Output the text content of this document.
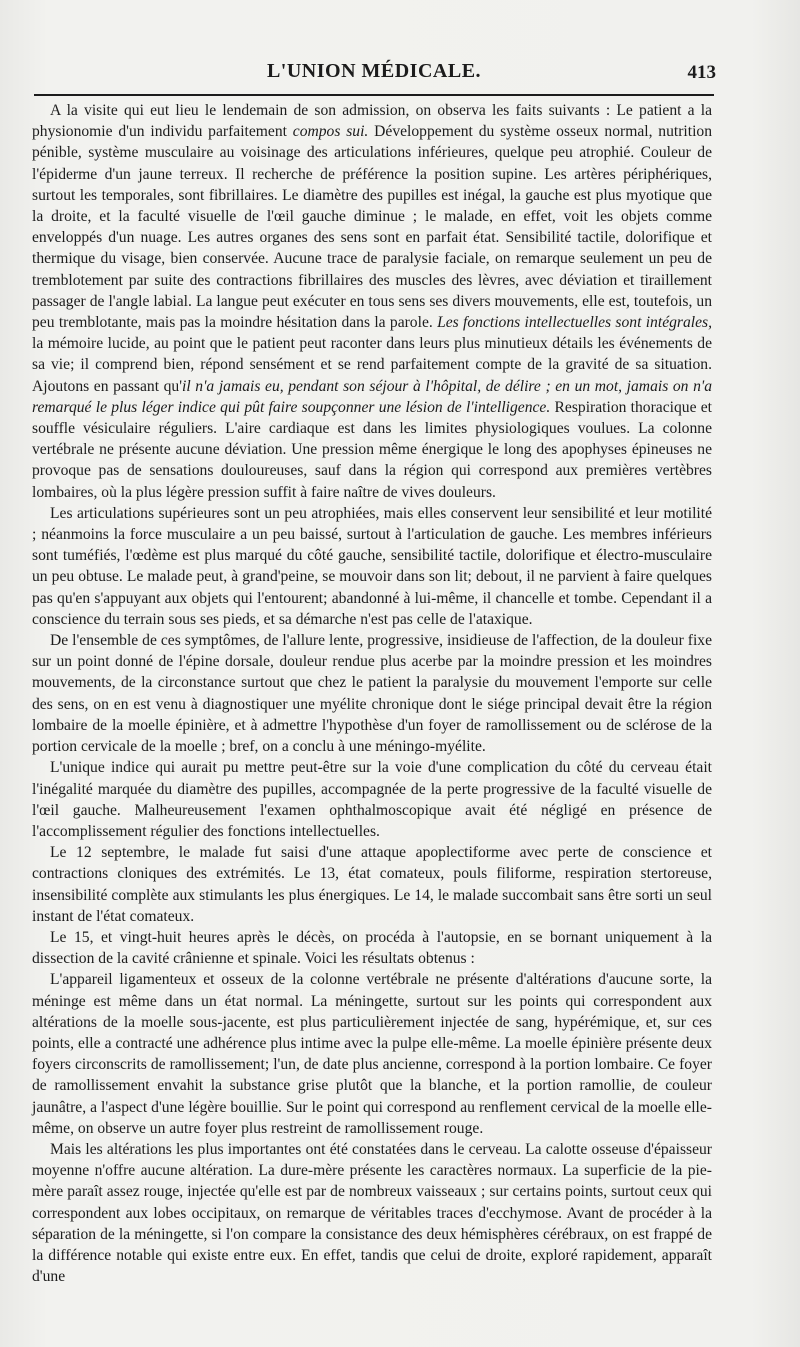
L'UNION MÉDICALE.	413

A la visite qui eut lieu le lendemain de son admission, on observa les faits suivants : Le patient a la physionomie d'un individu parfaitement compos sui. Développement du système osseux normal, nutrition pénible, système musculaire au voisinage des articulations inférieures, quelque peu atrophié. Couleur de l'épiderme d'un jaune terreux. Il recherche de préférence la position supine. Les artères périphériques, surtout les temporales, sont fibrillaires. Le diamètre des pupilles est inégal, la gauche est plus myotique que la droite, et la faculté visuelle de l'œil gauche diminue ; le malade, en effet, voit les objets comme enveloppés d'un nuage. Les autres organes des sens sont en parfait état. Sensibilité tactile, dolorifique et thermique du visage, bien conservée. Aucune trace de paralysie faciale, on remarque seulement un peu de tremblotement par suite des contractions fibrillaires des muscles des lèvres, avec déviation et tiraillement passager de l'angle labial. La langue peut exécuter en tous sens ses divers mouvements, elle est, toutefois, un peu tremblotante, mais pas la moindre hésitation dans la parole. Les fonctions intellectuelles sont intégrales, la mémoire lucide, au point que le patient peut raconter dans leurs plus minutieux détails les événements de sa vie; il comprend bien, répond sensément et se rend parfaitement compte de la gravité de sa situation. Ajoutons en passant qu'il n'a jamais eu, pendant son séjour à l'hôpital, de délire ; en un mot, jamais on n'a remarqué le plus léger indice qui pût faire soupçonner une lésion de l'intelligence. Respiration thoracique et souffle vésiculaire réguliers. L'aire cardiaque est dans les limites physiologiques voulues. La colonne vertébrale ne présente aucune déviation. Une pression même énergique le long des apophyses épineuses ne provoque pas de sensations douloureuses, sauf dans la région qui correspond aux premières vertèbres lombaires, où la plus légère pression suffit à faire naître de vives douleurs.

Les articulations supérieures sont un peu atrophiées, mais elles conservent leur sensibilité et leur motilité ; néanmoins la force musculaire a un peu baissé, surtout à l'articulation de gauche. Les membres inférieurs sont tuméfiés, l'œdème est plus marqué du côté gauche, sensibilité tactile, dolorifique et électro-musculaire un peu obtuse. Le malade peut, à grand'peine, se mouvoir dans son lit; debout, il ne parvient à faire quelques pas qu'en s'appuyant aux objets qui l'entourent; abandonné à lui-même, il chancelle et tombe. Cependant il a conscience du terrain sous ses pieds, et sa démarche n'est pas celle de l'ataxique.

De l'ensemble de ces symptômes, de l'allure lente, progressive, insidieuse de l'affection, de la douleur fixe sur un point donné de l'épine dorsale, douleur rendue plus acerbe par la moindre pression et les moindres mouvements, de la circonstance surtout que chez le patient la paralysie du mouvement l'emporte sur celle des sens, on en est venu à diagnostiquer une myélite chronique dont le siége principal devait être la région lombaire de la moelle épinière, et à admettre l'hypothèse d'un foyer de ramollissement ou de sclérose de la portion cervicale de la moelle ; bref, on a conclu à une méningo-myélite.

L'unique indice qui aurait pu mettre peut-être sur la voie d'une complication du côté du cerveau était l'inégalité marquée du diamètre des pupilles, accompagnée de la perte progressive de la faculté visuelle de l'œil gauche. Malheureusement l'examen ophthalmoscopique avait été négligé en présence de l'accomplissement régulier des fonctions intellectuelles.

Le 12 septembre, le malade fut saisi d'une attaque apoplectiforme avec perte de conscience et contractions cloniques des extrémités. Le 13, état comateux, pouls filiforme, respiration stertoreuse, insensibilité complète aux stimulants les plus énergiques. Le 14, le malade succombait sans être sorti un seul instant de l'état comateux.

Le 15, et vingt-huit heures après le décès, on procéda à l'autopsie, en se bornant uniquement à la dissection de la cavité crânienne et spinale. Voici les résultats obtenus :

L'appareil ligamenteux et osseux de la colonne vertébrale ne présente d'altérations d'aucune sorte, la méninge est même dans un état normal. La méningette, surtout sur les points qui correspondent aux altérations de la moelle sous-jacente, est plus particulièrement injectée de sang, hypérémique, et, sur ces points, elle a contracté une adhérence plus intime avec la pulpe elle-même. La moelle épinière présente deux foyers circonscrits de ramollissement; l'un, de date plus ancienne, correspond à la portion lombaire. Ce foyer de ramollissement envahit la substance grise plutôt que la blanche, et la portion ramollie, de couleur jaunâtre, a l'aspect d'une légère bouillie. Sur le point qui correspond au renflement cervical de la moelle elle-même, on observe un autre foyer plus restreint de ramollissement rouge.

Mais les altérations les plus importantes ont été constatées dans le cerveau. La calotte osseuse d'épaisseur moyenne n'offre aucune altération. La dure-mère présente les caractères normaux. La superficie de la pie-mère paraît assez rouge, injectée qu'elle est par de nombreux vaisseaux ; sur certains points, surtout ceux qui correspondent aux lobes occipitaux, on remarque de véritables traces d'ecchymose. Avant de procéder à la séparation de la méningette, si l'on compare la consistance des deux hémisphères cérébraux, on est frappé de la différence notable qui existe entre eux. En effet, tandis que celui de droite, exploré rapidement, apparaît d'une
